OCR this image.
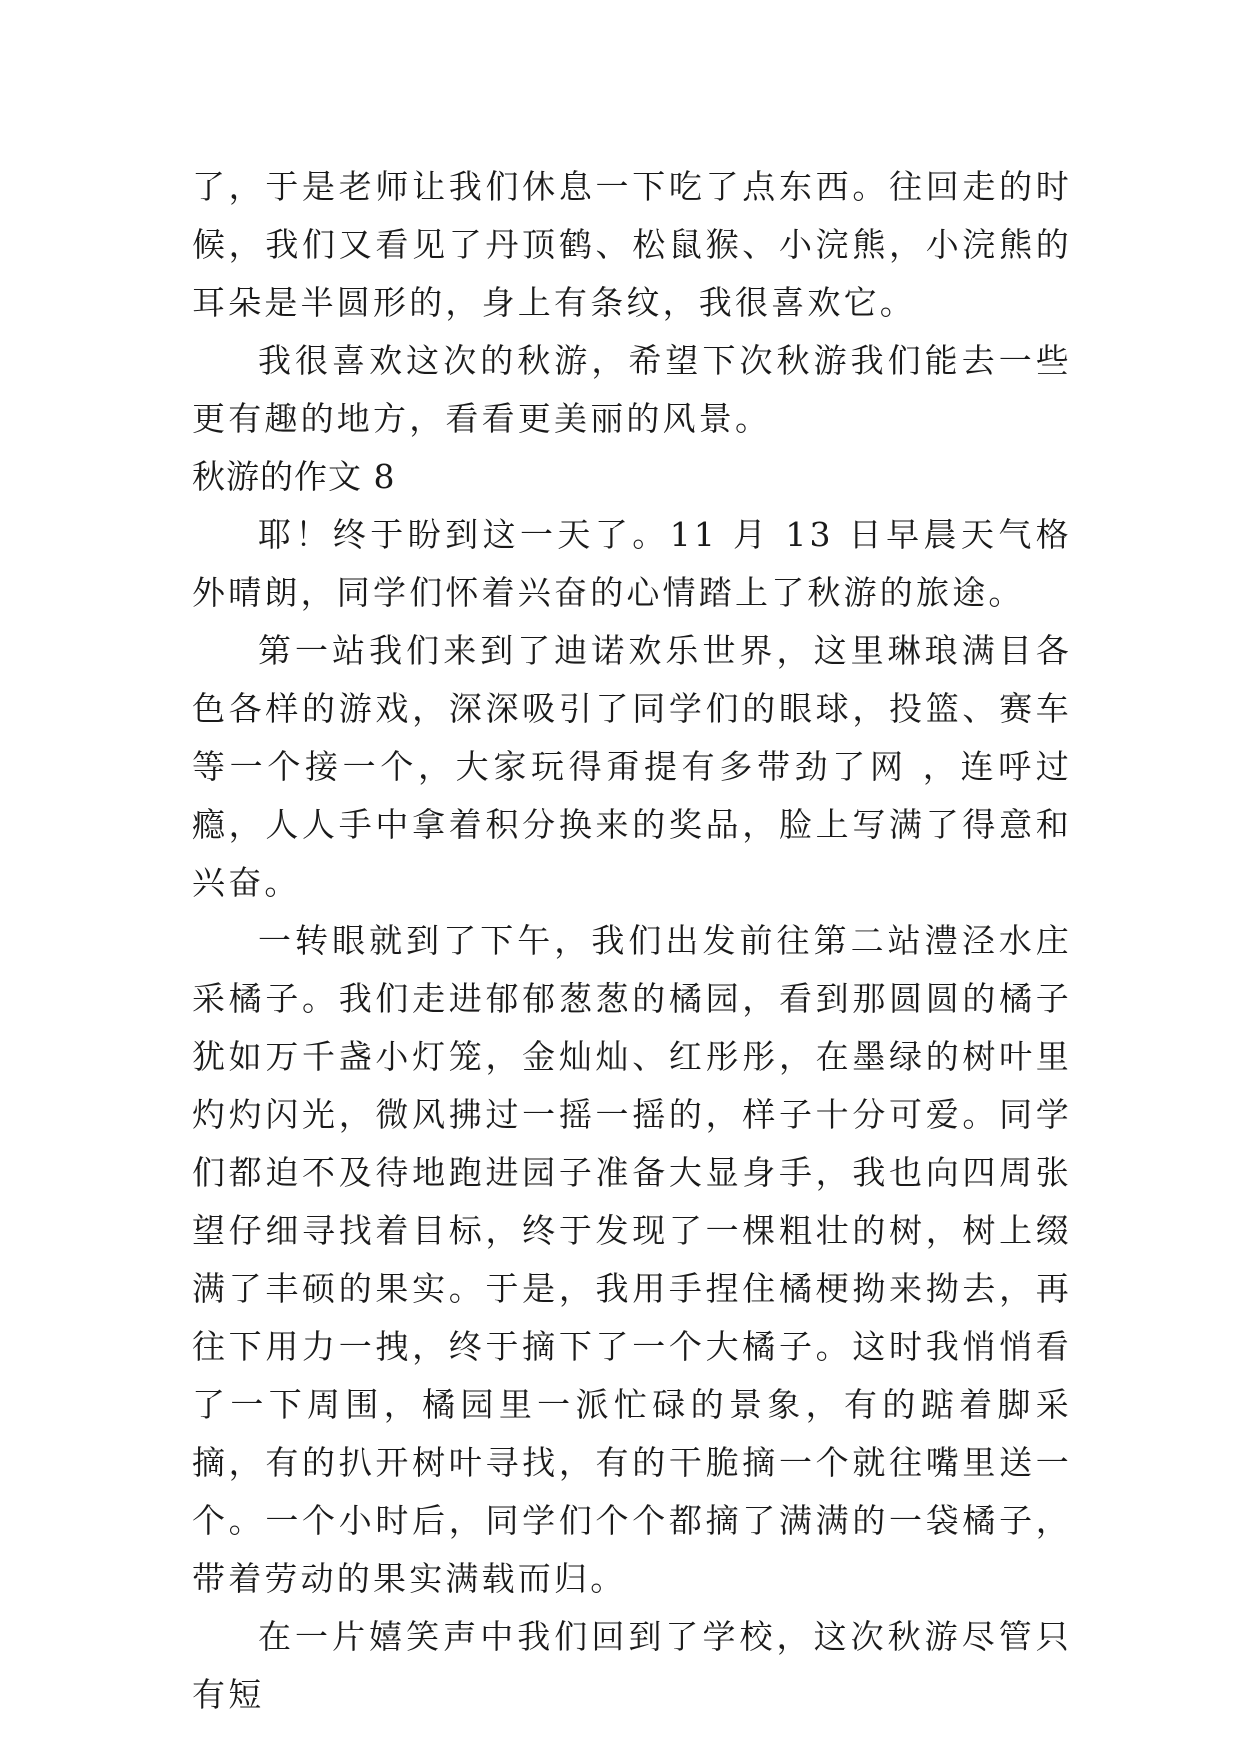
了，于是老师让我们休息一下吃了点东西。往回走的时候，我们又看见了丹顶鹤、松鼠猴、小浣熊，小浣熊的耳朵是半圆形的，身上有条纹，我很喜欢它。

我很喜欢这次的秋游，希望下次秋游我们能去一些更有趣的地方，看看更美丽的风景。

秋游的作文 8

耶！终于盼到这一天了。11 月 13 日早晨天气格外晴朗，同学们怀着兴奋的心情踏上了秋游的旅途。

第一站我们来到了迪诺欢乐世界，这里琳琅满目各色各样的游戏，深深吸引了同学们的眼球，投篮、赛车等一个接一个，大家玩得甭提有多带劲了网 ，连呼过瘾，人人手中拿着积分换来的奖品，脸上写满了得意和兴奋。

一转眼就到了下午，我们出发前往第二站澧泾水庄采橘子。我们走进郁郁葱葱的橘园，看到那圆圆的橘子犹如万千盏小灯笼，金灿灿、红彤彤，在墨绿的树叶里灼灼闪光，微风拂过一摇一摇的，样子十分可爱。同学们都迫不及待地跑进园子准备大显身手，我也向四周张望仔细寻找着目标，终于发现了一棵粗壮的树，树上缀满了丰硕的果实。于是，我用手捏住橘梗拗来拗去，再往下用力一拽，终于摘下了一个大橘子。这时我悄悄看了一下周围，橘园里一派忙碌的景象，有的踮着脚采摘，有的扒开树叶寻找，有的干脆摘一个就往嘴里送一个。一个小时后，同学们个个都摘了满满的一袋橘子，带着劳动的果实满载而归。

在一片嬉笑声中我们回到了学校，这次秋游尽管只有短
